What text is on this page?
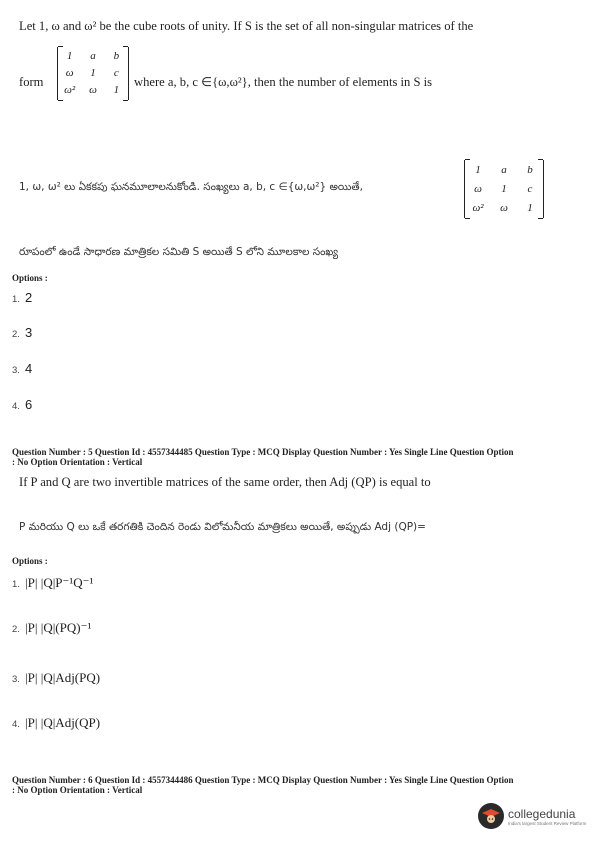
Let 1, ω and ω² be the cube roots of unity. If S is the set of all non-singular matrices of the
form
1	a	b
ω	1	c
ω²	ω	1
where a, b, c ∈{ω,ω²}, then the number of elements in S is
1, ω, ω² లు ఏకకపు ఘనమూలాలనుకోండి. సంఖ్యలు a, b, c ∈{ω,ω²} అయితే,
1	a	b
ω	1	c
ω²	ω	1
రూపంలో ఉండే సాధారణ మాత్రికల సమితి S అయితే S లోని మూలకాల సంఖ్య
Options :
1. 2
2. 3
3. 4
4. 6
Question Number : 5 Question Id : 4557344485 Question Type : MCQ Display Question Number : Yes Single Line Question Option
: No Option Orientation : Vertical
If P and Q are two invertible matrices of the same order, then Adj (QP) is equal to
P మరియు Q లు ఒకే తరగతికి చెందిన రెండు విలోమనీయ మాత్రికలు అయితే, అప్పుడు Adj (QP)=
Options :
1. |P| |Q|P⁻¹Q⁻¹
2. |P| |Q|(PQ)⁻¹
3. |P| |Q|Adj(PQ)
4. |P| |Q|Adj(QP)
Question Number : 6 Question Id : 4557344486 Question Type : MCQ Display Question Number : Yes Single Line Question Option
: No Option Orientation : Vertical
collegedunia
India's largest Student Review Platform
